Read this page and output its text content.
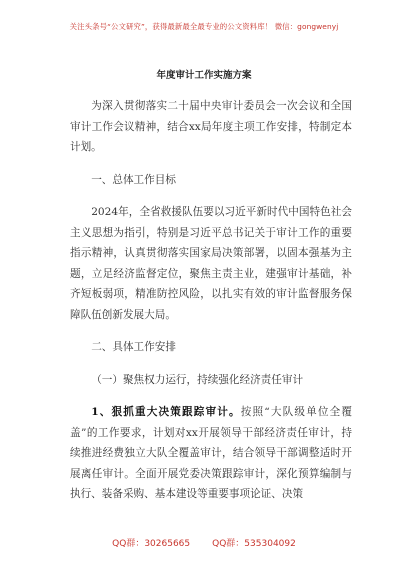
关注头条号“公文研究”，获得最新最全最专业的公文资料库！ 微信：gongwenyj
年度审计工作实施方案

为深入贯彻落实二十届中央审计委员会一次会议和全国审计工作会议精神，结合xx局年度主项工作安排，特制定本计划。

一、总体工作目标

2024年，全省救援队伍要以习近平新时代中国特色社会主义思想为指引，特别是习近平总书记关于审计工作的重要指示精神，认真贯彻落实国家局决策部署，以固本强基为主题，立足经济监督定位，聚焦主责主业，建强审计基础，补齐短板弱项，精准防控风险，以扎实有效的审计监督服务保障队伍创新发展大局。

二、具体工作安排

（一）聚焦权力运行，持续强化经济责任审计

1、狠抓重大决策跟踪审计。按照“大队级单位全覆盖”的工作要求，计划对xx开展领导干部经济责任审计，持续推进经费独立大队全覆盖审计，结合领导干部调整适时开展离任审计。全面开展党委决策跟踪审计，深化预算编制与执行、装备采购、基本建设等重要事项论证、决策

QQ群：30265665 QQ群：535304092
